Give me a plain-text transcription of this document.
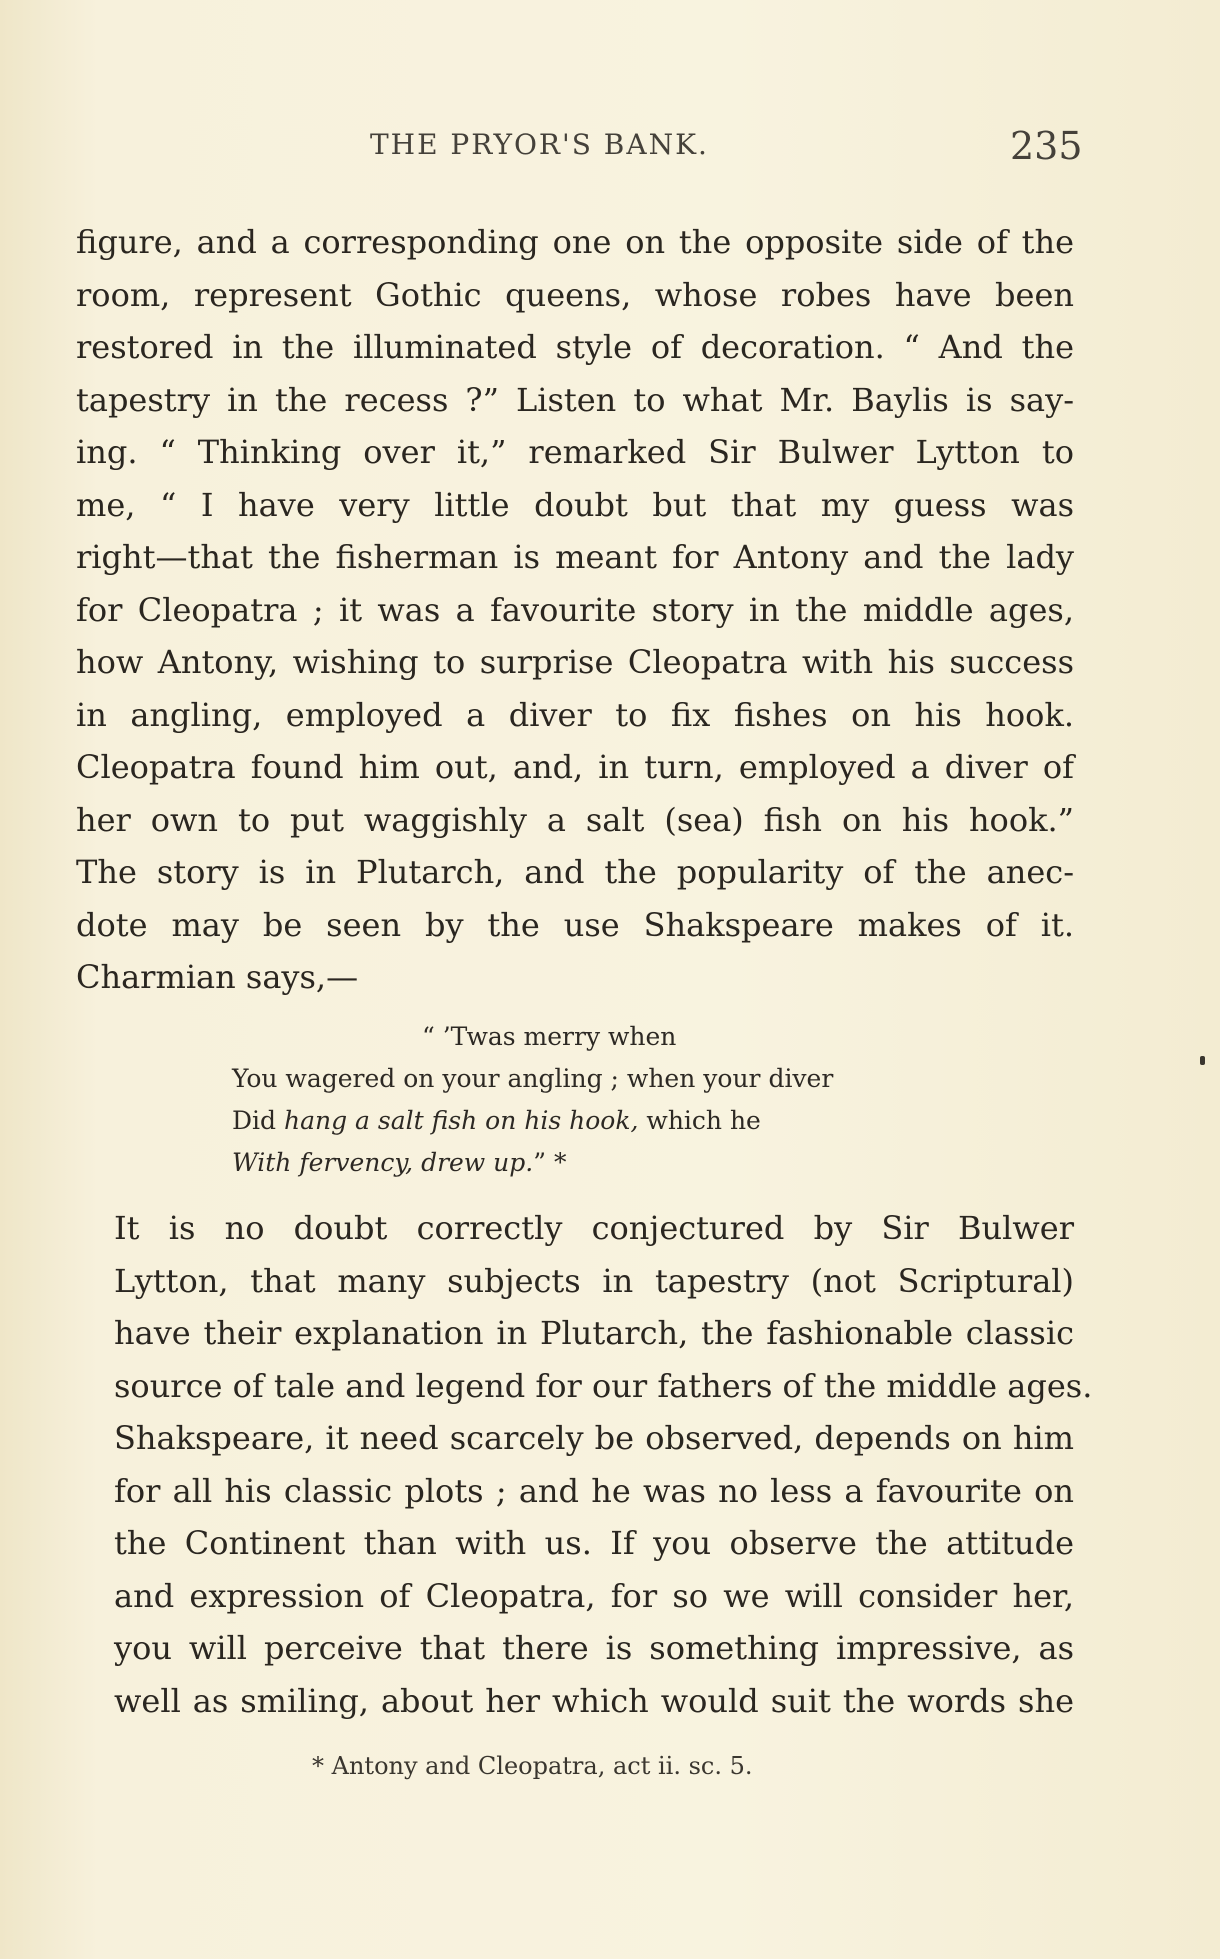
THE PRYOR'S BANK.	235
figure, and a corresponding one on the opposite side of the
room, represent Gothic queens, whose robes have been
restored in the illuminated style of decoration. “ And the
tapestry in the recess ?” Listen to what Mr. Baylis is say-
ing. “ Thinking over it,” remarked Sir Bulwer Lytton to
me, “ I have very little doubt but that my guess was
right—that the fisherman is meant for Antony and the lady
for Cleopatra ; it was a favourite story in the middle ages,
how Antony, wishing to surprise Cleopatra with his success
in angling, employed a diver to fix fishes on his hook.
Cleopatra found him out, and, in turn, employed a diver of
her own to put waggishly a salt (sea) fish on his hook.”
The story is in Plutarch, and the popularity of the anec-
dote may be seen by the use Shakspeare makes of it.
Charmian says,—
“ ’Twas merry when
You wagered on your angling ; when your diver
Did hang a salt fish on his hook, which he
With fervency, drew up.” *
It is no doubt correctly conjectured by Sir Bulwer
Lytton, that many subjects in tapestry (not Scriptural)
have their explanation in Plutarch, the fashionable classic
source of tale and legend for our fathers of the middle ages.
Shakspeare, it need scarcely be observed, depends on him
for all his classic plots ; and he was no less a favourite on
the Continent than with us. If you observe the attitude
and expression of Cleopatra, for so we will consider her,
you will perceive that there is something impressive, as
well as smiling, about her which would suit the words she
* Antony and Cleopatra, act ii. sc. 5.
